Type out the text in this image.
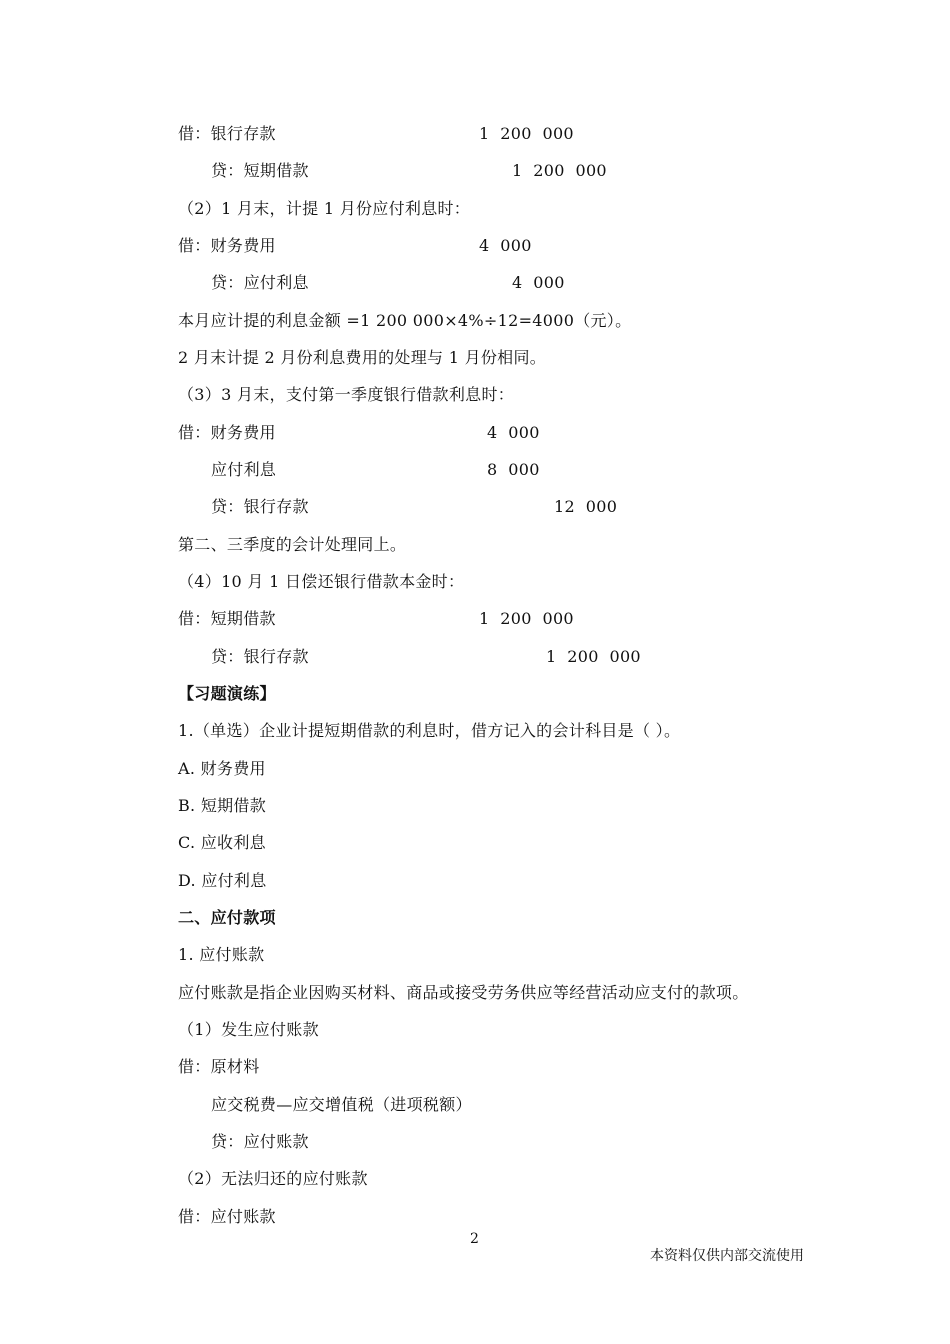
借：银行存款	1  200  000
贷：短期借款	1  200  000
（2）1 月末，计提 1 月份应付利息时：
借：财务费用	4  000
贷：应付利息	4  000
本月应计提的利息金额 =1 200 000×4%÷12=4000（元）。
2 月末计提 2 月份利息费用的处理与 1 月份相同。
（3）3 月末，支付第一季度银行借款利息时：
借：财务费用	4  000
应付利息	8  000
贷：银行存款	12  000
第二、三季度的会计处理同上。
（4）10 月 1 日偿还银行借款本金时：
借：短期借款	1  200  000
贷：银行存款	1  200  000
【习题演练】
1.（单选）企业计提短期借款的利息时，借方记入的会计科目是（ ）。
A. 财务费用
B. 短期借款
C. 应收利息
D. 应付利息
二、应付款项
1. 应付账款
应付账款是指企业因购买材料、商品或接受劳务供应等经营活动应支付的款项。
（1）发生应付账款
借：原材料
应交税费—应交增值税（进项税额）
贷：应付账款
（2）无法归还的应付账款
借：应付账款
2
本资料仅供内部交流使用
